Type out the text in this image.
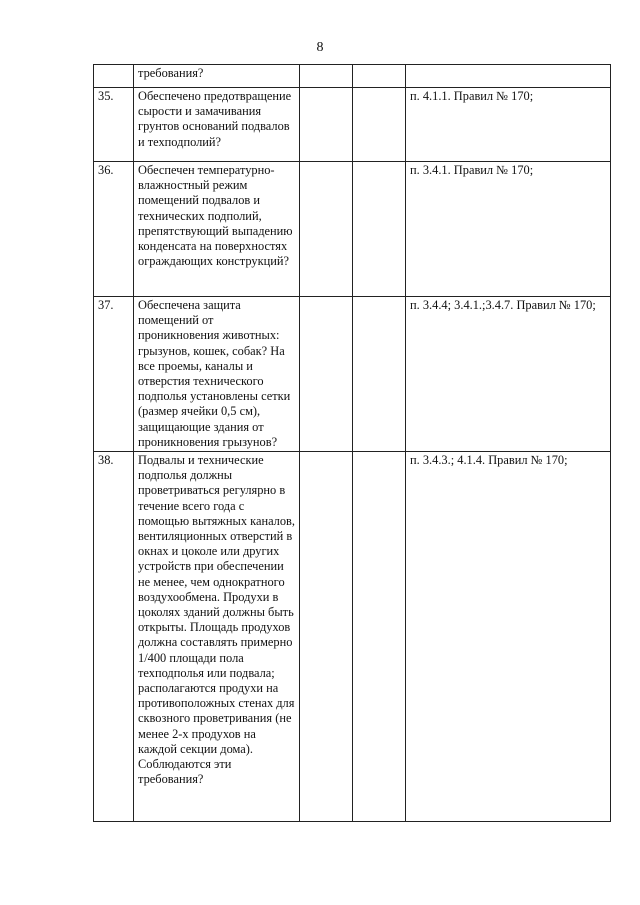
8
	требования?			
35.	Обеспечено предотвращение сырости и замачивания грунтов оснований подвалов и техподполий?			п. 4.1.1. Правил № 170;
36.	Обеспечен температурно-влажностный режим помещений подвалов и технических подполий, препятствующий выпадению конденсата на поверхностях ограждающих конструкций?			п. 3.4.1. Правил № 170;
37.	Обеспечена защита помещений от проникновения животных: грызунов, кошек, собак? На все проемы, каналы и отверстия технического подполья установлены сетки (размер ячейки 0,5 см), защищающие здания от проникновения грызунов?			п. 3.4.4; 3.4.1.;3.4.7. Правил № 170;
38.	Подвалы и технические подполья должны проветриваться регулярно в течение всего года с помощью вытяжных каналов, вентиляционных отверстий в окнах и цоколе или других устройств при обеспечении не менее, чем однократного воздухообмена. Продухи в цоколях зданий должны быть открыты. Площадь продухов должна составлять примерно 1/400 площади пола техподполья или подвала; располагаются продухи на противоположных стенах для сквозного проветривания (не менее 2-х продухов на каждой секции дома). Соблюдаются эти требования?			п. 3.4.3.; 4.1.4. Правил № 170;
